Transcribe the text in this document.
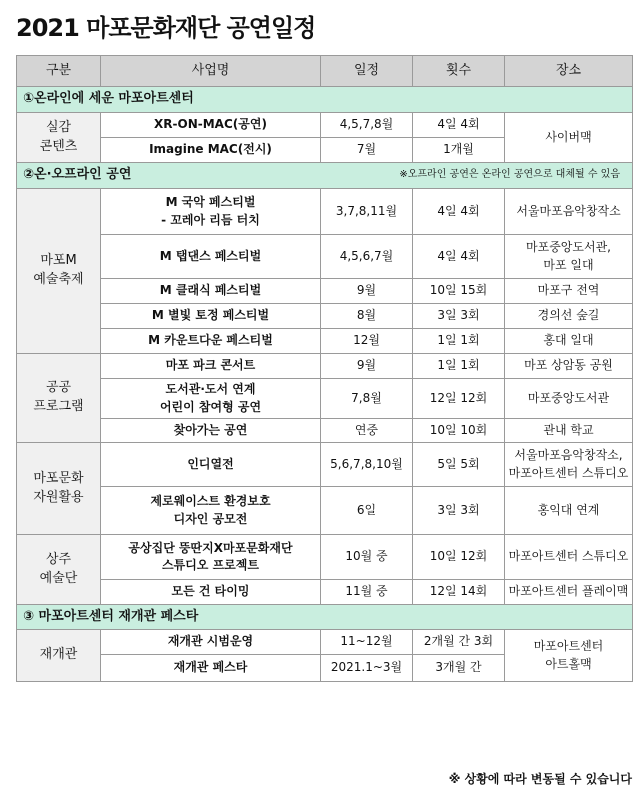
2021 마포문화재단 공연일정
구분	사업명	일정	횟수	장소
①온라인에 세운 마포아트센터				
실감
콘텐츠	XR-ON-MAC(공연)	4,5,7,8월	4일 4회	사이버맥
	Imagine MAC(전시)	7월	1개월	
②온·오프라인 공연 ※오프라인 공연은 온라인 공연으로 대체될 수 있음				

마포M
예술축제	M 국악 페스티벌
- 꼬레아 리듬 터치	3,7,8,11월	4일 4회	서울마포음악창작소
	M 탭댄스 페스티벌	4,5,6,7월	4일 4회	마포중앙도서관,
마포 일대
	M 클래식 페스티벌	9월	10일 15회	마포구 전역
	M 별빛 토정 페스티벌	8월	3일 3회	경의선 숲길
	M 카운트다운 페스티벌	12월	1일 1회	홍대 일대
공공
프로그램	마포 파크 콘서트	9월	1일 1회	마포 상암동 공원
	도서관·도서 연계
어린이 참여형 공연	7,8월	12일 12회	마포중앙도서관
	찾아가는 공연	연중	10일 10회	관내 학교
마포문화
자원활용	인디열전	5,6,7,8,10월	5일 5회	서울마포음악창작소,
마포아트센터 스튜디오
	제로웨이스트 환경보호
디자인 공모전	6일	3일 3회	홍익대 연계
상주
예술단	공상집단 뚱딴지X마포문화재단
스튜디오 프로젝트	10월 중	10일 12회	마포아트센터 스튜디오
	모든 건 타이밍	11월 중	12일 14회	마포아트센터 플레이맥
③ 마포아트센터 재개관 페스타				
재개관	재개관 시범운영	11~12월	2개월 간 3회	마포아트센터
아트홀맥
	재개관 페스타	2021.1~3월	3개월 간	
※ 상황에 따라 변동될 수 있습니다
